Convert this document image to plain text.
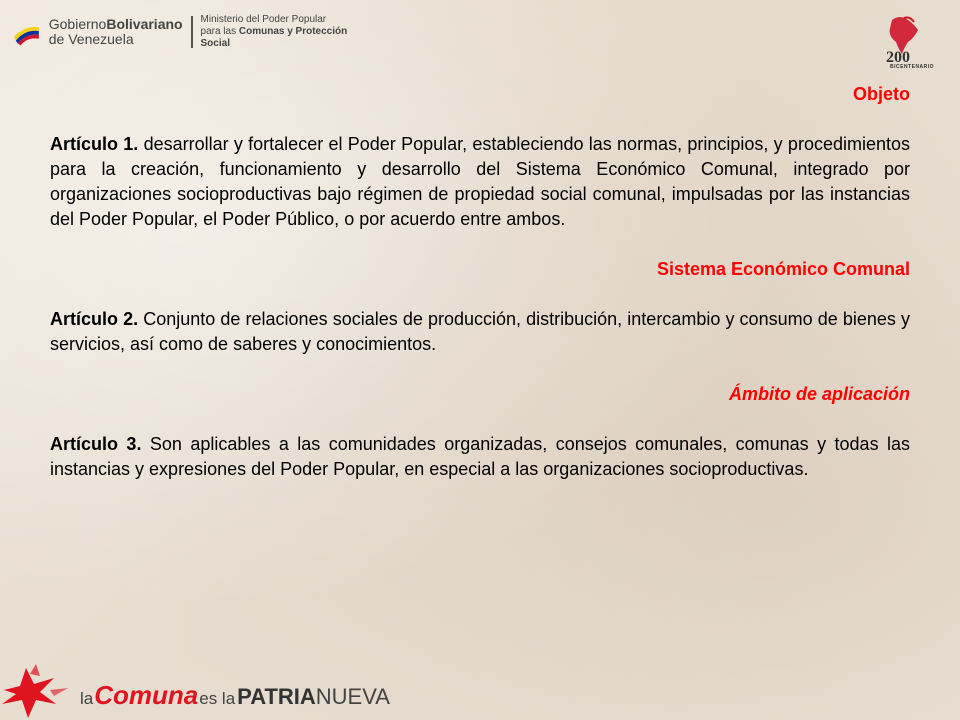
GobiernoBolivariano
de Venezuela
Ministerio del Poder Popular
para las Comunas y Protección Social
200
BICENTENARIO

Objeto

Artículo 1. desarrollar y fortalecer el Poder Popular, estableciendo las normas, principios, y procedimientos para la creación, funcionamiento y desarrollo del Sistema Económico Comunal, integrado por organizaciones socioproductivas bajo régimen de propiedad social comunal, impulsadas por las instancias del Poder Popular, el Poder Público, o por acuerdo entre ambos.

Sistema Económico Comunal

Artículo 2. Conjunto de relaciones sociales de producción, distribución, intercambio y consumo de bienes y servicios, así como de saberes y conocimientos.

Ámbito de aplicación

Artículo 3. Son aplicables a las comunidades organizadas, consejos comunales, comunas y todas las instancias y expresiones del Poder Popular, en especial a las organizaciones socioproductivas.

la Comuna es la PATRIA NUEVA
